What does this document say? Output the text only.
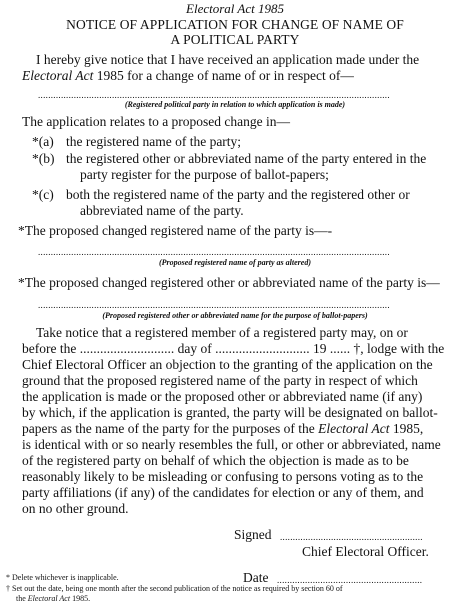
Electoral Act 1985
NOTICE OF APPLICATION FOR CHANGE OF NAME OF
A POLITICAL PARTY
I hereby give notice that I have received an application made under the
Electoral Act 1985 for a change of name of or in respect of—
..........................................................................................................................................
(Registered political party in relation to which application is made)
The application relates to a proposed change in—
*(a) the registered name of the party;
*(b) the registered other or abbreviated name of the party entered in the
party register for the purpose of ballot-papers;
*(c) both the registered name of the party and the registered other or
abbreviated name of the party.
*The proposed changed registered name of the party is—-
..........................................................................................................................................
(Proposed registered name of party as altered)
*The proposed changed registered other or abbreviated name of the party is—
..........................................................................................................................................
(Proposed registered other or abbreviated name for the purpose of ballot-papers)
Take notice that a registered member of a registered party may, on or
before the ............................ day of ............................ 19 ...... †, lodge with the
Chief Electoral Officer an objection to the granting of the application on the
ground that the proposed registered name of the party in respect of which
the application is made or the proposed other or abbreviated name (if any)
by which, if the application is granted, the party will be designated on ballot-
papers as the name of the party for the purposes of the Electoral Act 1985,
is identical with or so nearly resembles the full, or other or abbreviated, name
of the registered party on behalf of which the objection is made as to be
reasonably likely to be misleading or confusing to persons voting as to the
party affiliations (if any) of the candidates for election or any of them, and
on no other ground.
Signed ........................................................
Chief Electoral Officer.
Date .........................................................
* Delete whichever is inapplicable.
† Set out the date, being one month after the second publication of the notice as required by section 60 of
the Electoral Act 1985.
